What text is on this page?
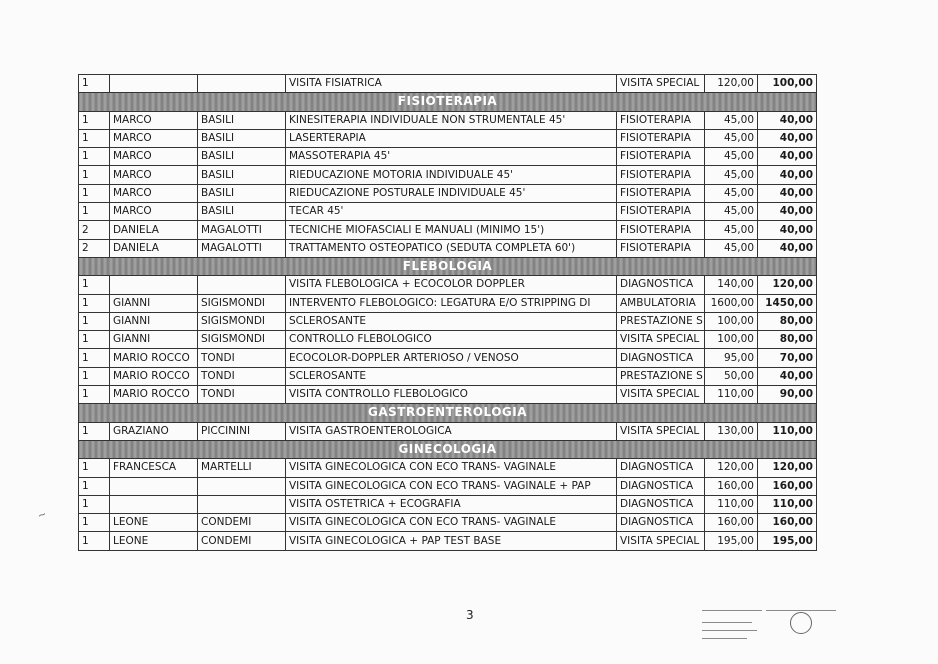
1			VISITA FISIATRICA	VISITA SPECIAL	120,00	100,00
FISIOTERAPIA						
1	MARCO	BASILI	KINESITERAPIA INDIVIDUALE NON STRUMENTALE 45'	FISIOTERAPIA	45,00	40,00
1	MARCO	BASILI	LASERTERAPIA	FISIOTERAPIA	45,00	40,00
1	MARCO	BASILI	MASSOTERAPIA 45'	FISIOTERAPIA	45,00	40,00
1	MARCO	BASILI	RIEDUCAZIONE MOTORIA INDIVIDUALE 45'	FISIOTERAPIA	45,00	40,00
1	MARCO	BASILI	RIEDUCAZIONE POSTURALE INDIVIDUALE 45'	FISIOTERAPIA	45,00	40,00
1	MARCO	BASILI	TECAR 45'	FISIOTERAPIA	45,00	40,00
2	DANIELA	MAGALOTTI	TECNICHE MIOFASCIALI E MANUALI (MINIMO 15')	FISIOTERAPIA	45,00	40,00
2	DANIELA	MAGALOTTI	TRATTAMENTO OSTEOPATICO (SEDUTA COMPLETA 60')	FISIOTERAPIA	45,00	40,00
FLEBOLOGIA						
1			VISITA FLEBOLOGICA + ECOCOLOR DOPPLER	DIAGNOSTICA	140,00	120,00
1	GIANNI	SIGISMONDI	INTERVENTO FLEBOLOGICO: LEGATURA E/O STRIPPING DI	AMBULATORIA	1600,00	1450,00
1	GIANNI	SIGISMONDI	SCLEROSANTE	PRESTAZIONE S	100,00	80,00
1	GIANNI	SIGISMONDI	CONTROLLO FLEBOLOGICO	VISITA SPECIAL	100,00	80,00
1	MARIO ROCCO	TONDI	ECOCOLOR-DOPPLER ARTERIOSO / VENOSO	DIAGNOSTICA	95,00	70,00
1	MARIO ROCCO	TONDI	SCLEROSANTE	PRESTAZIONE S	50,00	40,00
1	MARIO ROCCO	TONDI	VISITA CONTROLLO FLEBOLOGICO	VISITA SPECIAL	110,00	90,00
GASTROENTEROLOGIA						
1	GRAZIANO	PICCININI	VISITA GASTROENTEROLOGICA	VISITA SPECIAL	130,00	110,00
GINECOLOGIA						
1	FRANCESCA	MARTELLI	VISITA GINECOLOGICA CON ECO TRANS- VAGINALE	DIAGNOSTICA	120,00	120,00
1			VISITA GINECOLOGICA CON ECO TRANS- VAGINALE + PAP	DIAGNOSTICA	160,00	160,00
1			VISITA OSTETRICA + ECOGRAFIA	DIAGNOSTICA	110,00	110,00
1	LEONE	CONDEMI	VISITA GINECOLOGICA CON ECO TRANS- VAGINALE	DIAGNOSTICA	160,00	160,00
1	LEONE	CONDEMI	VISITA GINECOLOGICA + PAP TEST BASE	VISITA SPECIAL	195,00	195,00
3
~
